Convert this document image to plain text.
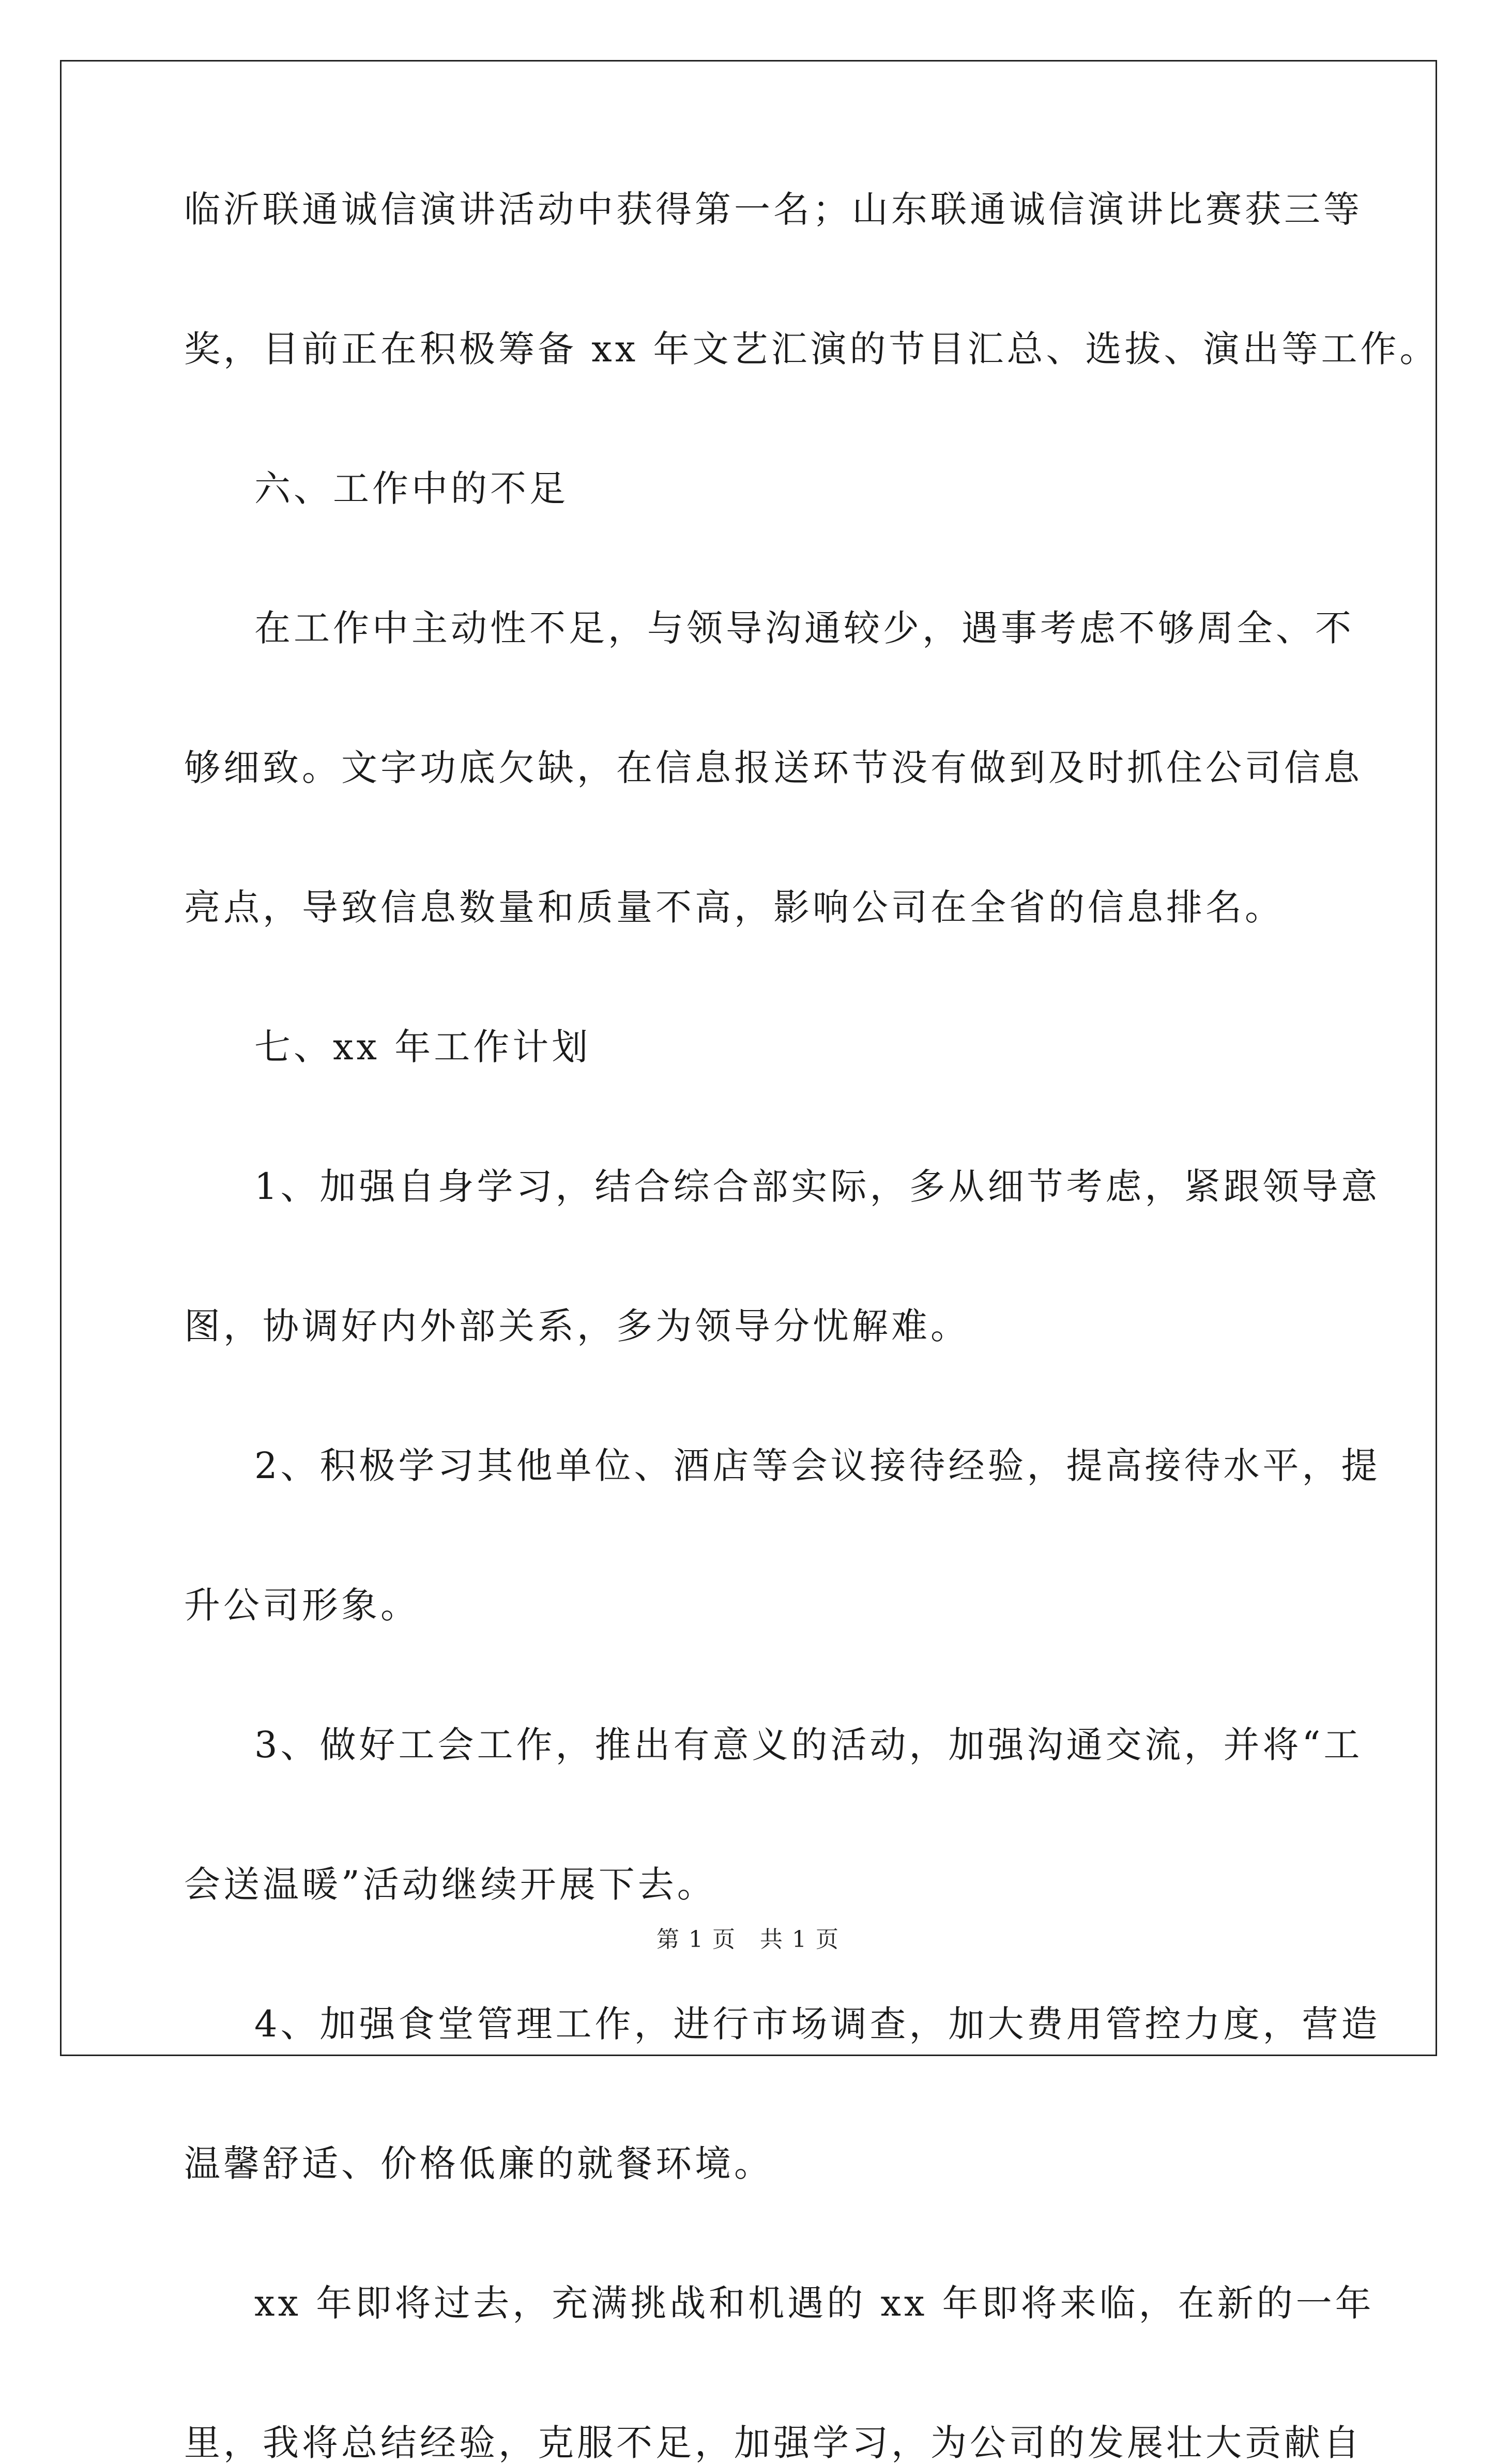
临沂联通诚信演讲活动中获得第一名；山东联通诚信演讲比赛获三等
奖，目前正在积极筹备 xx 年文艺汇演的节目汇总、选拔、演出等工作。
六、工作中的不足
在工作中主动性不足，与领导沟通较少，遇事考虑不够周全、不
够细致。文字功底欠缺，在信息报送环节没有做到及时抓住公司信息
亮点，导致信息数量和质量不高，影响公司在全省的信息排名。
七、xx 年工作计划
1、加强自身学习，结合综合部实际，多从细节考虑，紧跟领导意
图，协调好内外部关系，多为领导分忧解难。
2、积极学习其他单位、酒店等会议接待经验，提高接待水平，提
升公司形象。
3、做好工会工作，推出有意义的活动，加强沟通交流，并将“工
会送温暖”活动继续开展下去。
4、加强食堂管理工作，进行市场调查，加大费用管控力度，营造
温馨舒适、价格低廉的就餐环境。
xx 年即将过去，充满挑战和机遇的 xx 年即将来临，在新的一年
里，我将总结经验，克服不足，加强学习，为公司的发展壮大贡献自
第 1 页　共 1 页
